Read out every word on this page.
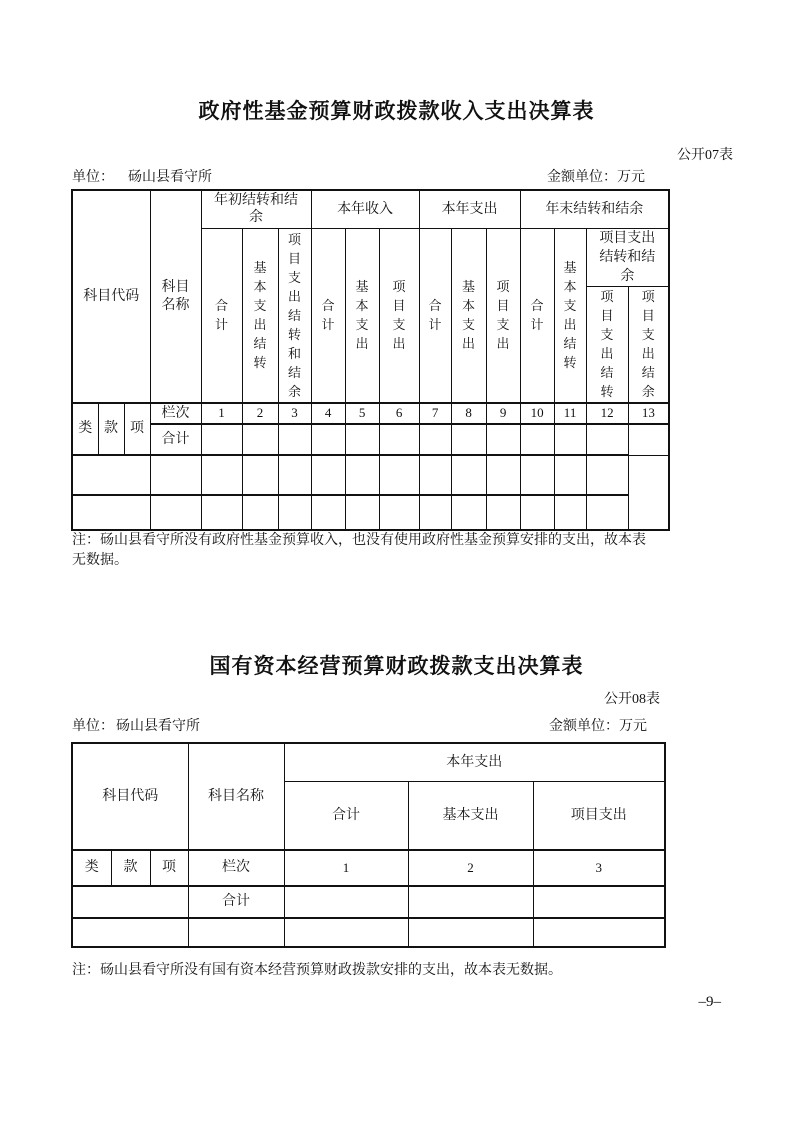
政府性基金预算财政拨款收入支出决算表
公开07表
单位： 砀山县看守所	金额单位：万元
科目代码			科目名称	年初结转和结余			本年收入			本年支出			年末结转和结余			
				合计	基本支出结转	项目支出结转和结余	合计	基本支出	项目支出	合计	基本支出	项目支出	合计	基本支出结转	项目支出结转和结余	
															项目支出结转	项目支出结余
类	款	项	栏次	1	2	3	4	5	6	7	8	9	10	11	12	13
			合计													

注：砀山县看守所没有政府性基金预算收入，也没有使用政府性基金预算安排的支出，故本表无数据。
国有资本经营预算财政拨款支出决算表
公开08表
单位： 砀山县看守所	金额单位：万元
科目代码			科目名称	本年支出		
				合计	基本支出	项目支出
类	款	项	栏次	1	2	3
			合计			

注：砀山县看守所没有国有资本经营预算财政拨款安排的支出，故本表无数据。
–9–
